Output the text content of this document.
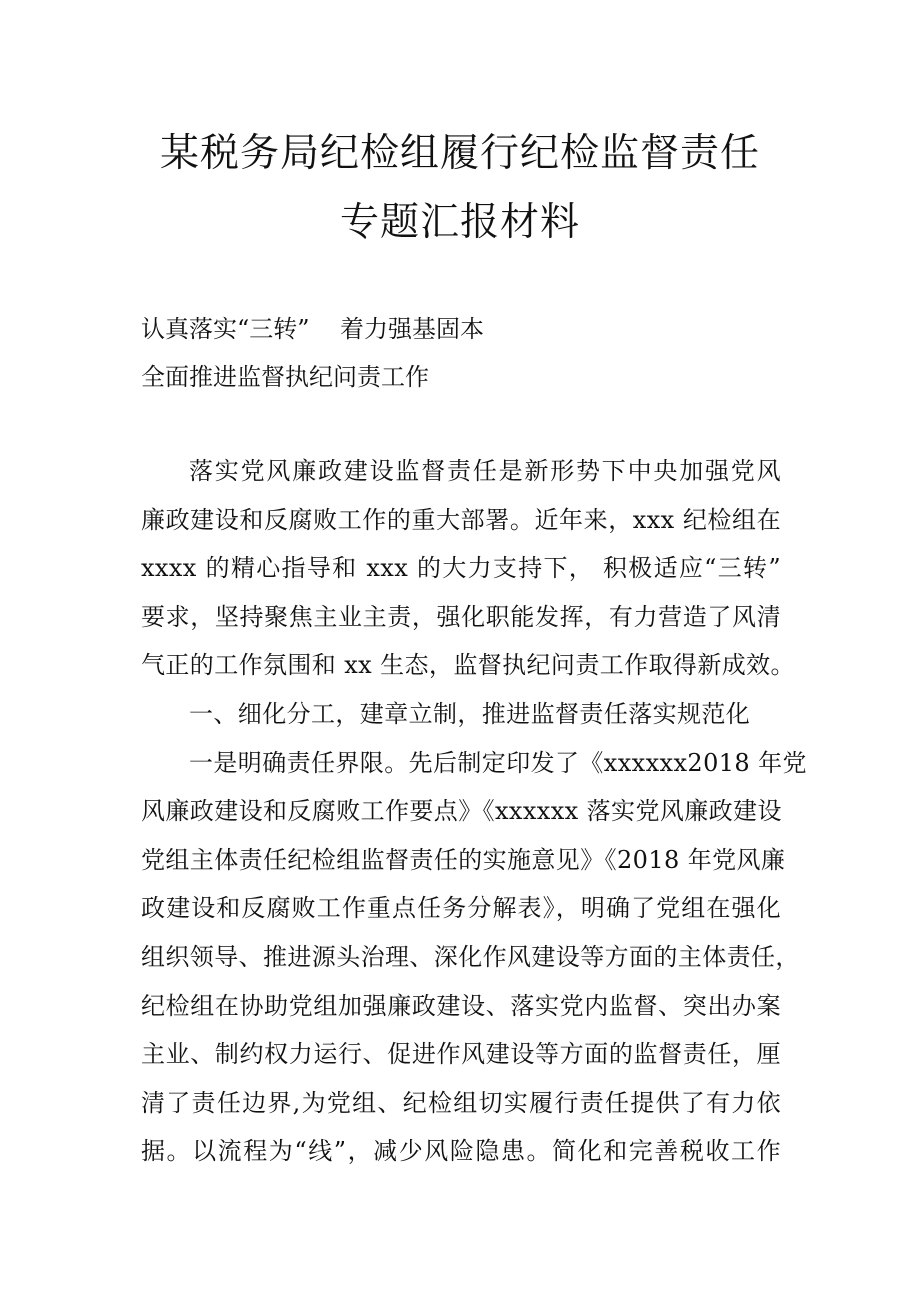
某税务局纪检组履行纪检监督责任
专题汇报材料
认真落实“三转”    着力强基固本
全面推进监督执纪问责工作
落实党风廉政建设监督责任是新形势下中央加强党风
廉政建设和反腐败工作的重大部署。近年来，xxx 纪检组在
xxxx 的精心指导和 xxx 的大力支持下， 积极适应“三转”
要求，坚持聚焦主业主责，强化职能发挥，有力营造了风清
气正的工作氛围和 xx 生态，监督执纪问责工作取得新成效。
一、细化分工，建章立制，推进监督责任落实规范化
一是明确责任界限。先后制定印发了《xxxxxx2018 年党
风廉政建设和反腐败工作要点》《xxxxxx 落实党风廉政建设
党组主体责任纪检组监督责任的实施意见》《2018 年党风廉
政建设和反腐败工作重点任务分解表》，明确了党组在强化
组织领导、推进源头治理、深化作风建设等方面的主体责任，
纪检组在协助党组加强廉政建设、落实党内监督、突出办案
主业、制约权力运行、促进作风建设等方面的监督责任，厘
清了责任边界,为党组、纪检组切实履行责任提供了有力依
据。以流程为“线”，减少风险隐患。简化和完善税收工作
